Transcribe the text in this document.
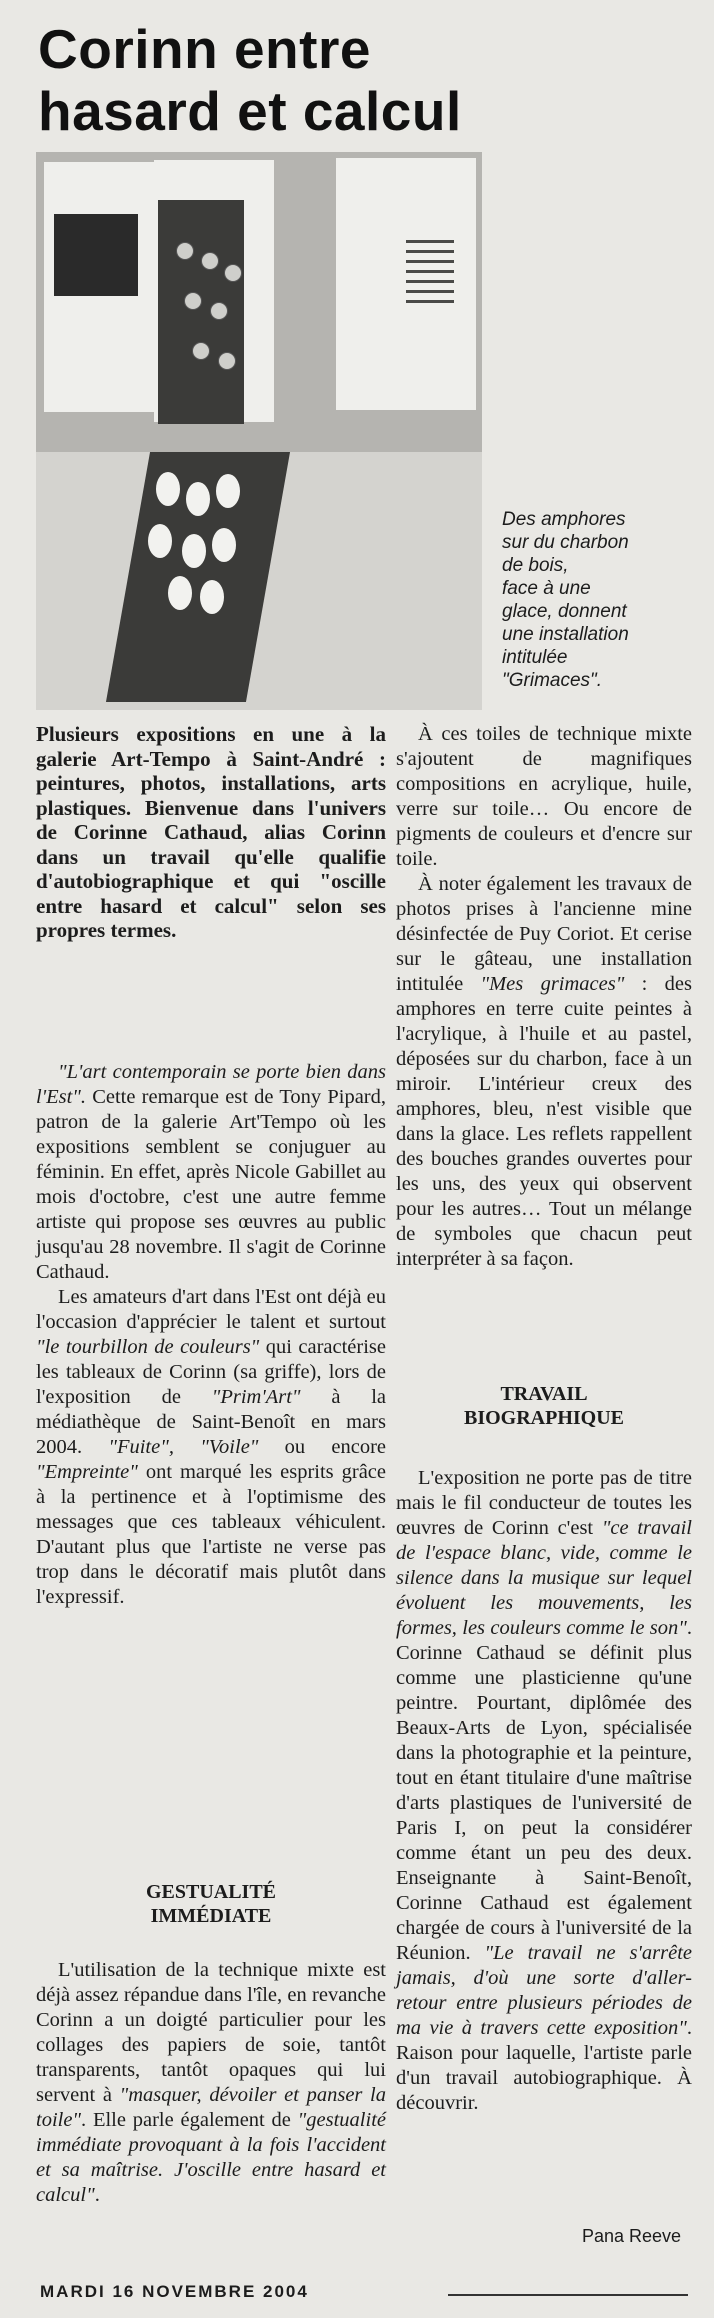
Corinn entre
hasard et calcul

Des amphores

sur du charbon

de bois,

face à une

glace, donnent

une installation

intitulée

"Grimaces".

Plusieurs expositions en une à la galerie Art-Tempo à Saint-André : peintures, photos, installations, arts plastiques. Bienvenue dans l'univers de Corinne Cathaud, alias Corinn dans un travail qu'elle qualifie d'autobiographique et qui "oscille entre hasard et calcul" selon ses propres termes.

"L'art contemporain se porte bien dans l'Est". Cette remarque est de Tony Pipard, patron de la galerie Art'Tempo où les expositions semblent se conjuguer au féminin. En effet, après Nicole Gabillet au mois d'octobre, c'est une autre femme artiste qui propose ses œuvres au public jusqu'au 28 novembre. Il s'agit de Corinne Cathaud.

Les amateurs d'art dans l'Est ont déjà eu l'occasion d'apprécier le talent et surtout "le tourbillon de couleurs" qui caractérise les tableaux de Corinn (sa griffe), lors de l'exposition de "Prim'Art" à la médiathèque de Saint-Benoît en mars 2004. "Fuite", "Voile" ou encore "Empreinte" ont marqué les esprits grâce à la pertinence et à l'optimisme des messages que ces tableaux véhiculent. D'autant plus que l'artiste ne verse pas trop dans le décoratif mais plutôt dans l'expressif.

GESTUALITÉ
IMMÉDIATE

L'utilisation de la technique mixte est déjà assez répandue dans l'île, en revanche Corinn a un doigté particulier pour les collages des papiers de soie, tantôt transparents, tantôt opaques qui lui servent à "masquer, dévoiler et panser la toile". Elle parle également de "gestualité immédiate provoquant à la fois l'accident et sa maîtrise. J'oscille entre hasard et calcul".

À ces toiles de technique mixte s'ajoutent de magnifiques compositions en acrylique, huile, verre sur toile… Ou encore de pigments de couleurs et d'encre sur toile.

À noter également les travaux de photos prises à l'ancienne mine désinfectée de Puy Coriot. Et cerise sur le gâteau, une installation intitulée "Mes grimaces" : des amphores en terre cuite peintes à l'acrylique, à l'huile et au pastel, déposées sur du charbon, face à un miroir. L'intérieur creux des amphores, bleu, n'est visible que dans la glace. Les reflets rappellent des bouches grandes ouvertes pour les uns, des yeux qui observent pour les autres… Tout un mélange de symboles que chacun peut interpréter à sa façon.

TRAVAIL
BIOGRAPHIQUE

L'exposition ne porte pas de titre mais le fil conducteur de toutes les œuvres de Corinn c'est "ce travail de l'espace blanc, vide, comme le silence dans la musique sur lequel évoluent les mouvements, les formes, les couleurs comme le son". Corinne Cathaud se définit plus comme une plasticienne qu'une peintre. Pourtant, diplômée des Beaux-Arts de Lyon, spécialisée dans la photographie et la peinture, tout en étant titulaire d'une maîtrise d'arts plastiques de l'université de Paris I, on peut la considérer comme étant un peu des deux. Enseignante à Saint-Benoît, Corinne Cathaud est également chargée de cours à l'université de la Réunion. "Le travail ne s'arrête jamais, d'où une sorte d'aller-retour entre plusieurs périodes de ma vie à travers cette exposition". Raison pour laquelle, l'artiste parle d'un travail autobiographique. À découvrir.

Pana Reeve
MARDI 16 NOVEMBRE 2004
